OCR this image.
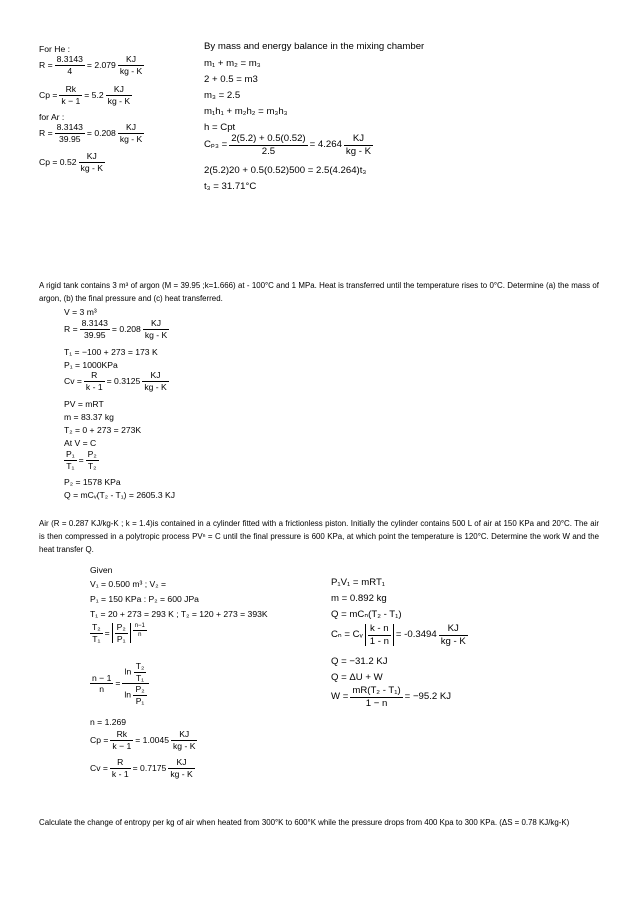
For He :
$R = \frac{8.3143}{4} = 2.079 \frac{KJ}{kg - K}$
$Cp = \frac{Rk}{k - 1} = 5.2 \frac{KJ}{kg - K}$
for Ar :
$R = \frac{8.3143}{39.95} = 0.208 \frac{KJ}{kg - K}$
$Cp = 0.52 \frac{KJ}{kg - K}$
By mass and energy balance in the mixing chamber
m₁ + m₂ = m₃
2 + 0.5 = m3
m₃ = 2.5
m₁h₁ + m₂h₂ = m₃h₃
h = Cpt
$C_{p3} = \frac{2(5.2) + 0.5(0.52)}{2.5} = 4.264 \frac{KJ}{kg - K}$
2(5.2)20 + 0.5(0.52)500 = 2.5(4.264)t₃
t₃ = 31.71°C
A rigid tank contains 3 m³ of argon (M = 39.95 ;k=1.666) at - 100°C and 1 MPa. Heat is transferred until the temperature rises to 0°C. Determine (a) the mass of argon, (b) the final pressure and (c) heat transferred.
V = 3 m³
$R = \frac{8.3143}{39.95} = 0.208 \frac{KJ}{kg - K}$
T₁ = −100 + 273 = 173 K
P₁ = 1000KPa
$Cv = \frac{R}{k - 1} = 0.3125 \frac{KJ}{kg - K}$
PV = mRT
m = 83.37 kg
T₂ = 0 + 273 = 273K
At V = C
$\frac{\text{P₁}}{\text{T₁}} = \frac{\text{P₂}}{\text{T₂}}$
P₂ = 1578 KPa
Q = mCᵥ(T₂ - T₁) = 2605.3 KJ
Air (R = 0.287 KJ/kg-K ; k = 1.4)is contained in a cylinder fitted with a frictionless piston. Initially the cylinder contains 500 L of air at 150 KPa and 20°C. The air is then compressed in a polytropic process PVⁿ = C until the final pressure is 600 KPa, at which point the temperature is 120°C. Determine the work W and the heat transfer Q.
Given
V₁ = 0.500 m³ ; V₂ =
P₁ = 150 KPa : P₂ = 600 JPa
T₁ = 20 + 273 = 293 K ; T₂ = 120 + 273 = 393K
$\frac{\text{T₂}}{\text{T₁}} = \frac{\text{P₂}}{\text{P₁}} \frac{n-1}{n}$
$\frac{n - 1}{n} = \frac{\ln \frac{\text{T₂}}{\text{T₁}}}{\ln \frac{\text{P₂}}{\text{P₁}}}$
n = 1.269
$Cp = \frac{Rk}{k - 1} = 1.0045 \frac{KJ}{kg - K}$
$Cv = \frac{R}{k - 1} = 0.7175 \frac{KJ}{kg - K}$
P₁V₁ = mRT₁
m = 0.892 kg
Q = mCₙ(T₂ - T₁)
Cₙ = Cᵥ $\frac{k - n}{1 - n} = -0.3494 \frac{KJ}{kg - K}$
Q = −31.2 KJ
Q = ΔU + W
$W = \frac{\text{mR(T₂ - T₁)}}{1 - n} = -95.2$ KJ
Calculate the change of entropy per kg of air when heated from 300°K to 600°K while the pressure drops from 400 Kpa to 300 KPa. (ΔS = 0.78 KJ/kg-K)
